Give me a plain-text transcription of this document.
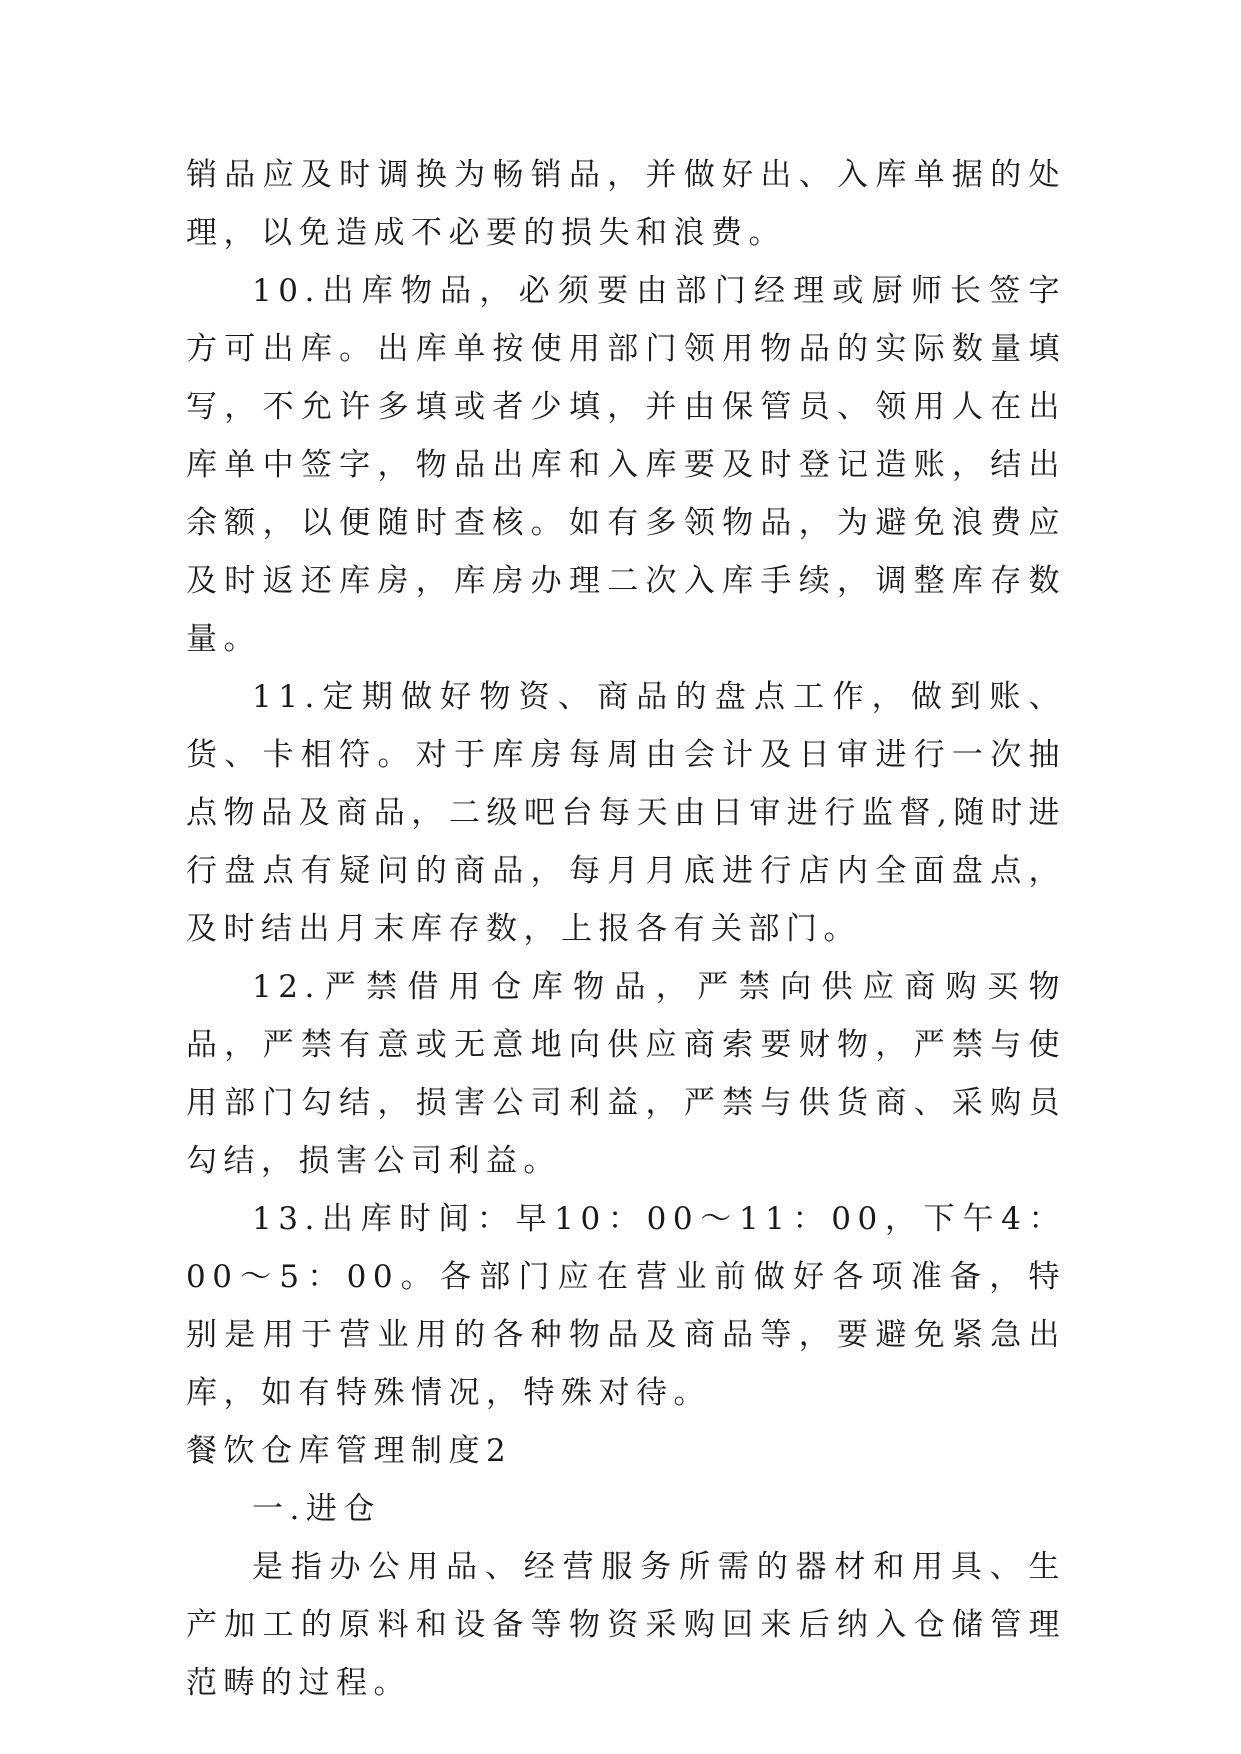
销品应及时调换为畅销品，并做好出、入库单据的处理，以免造成不必要的损失和浪费。

10.出库物品，必须要由部门经理或厨师长签字方可出库。出库单按使用部门领用物品的实际数量填写，不允许多填或者少填，并由保管员、领用人在出库单中签字，物品出库和入库要及时登记造账，结出余额，以便随时查核。如有多领物品，为避免浪费应及时返还库房，库房办理二次入库手续，调整库存数量。

11.定期做好物资、商品的盘点工作，做到账、货、卡相符。对于库房每周由会计及日审进行一次抽点物品及商品，二级吧台每天由日审进行监督,随时进行盘点有疑问的商品，每月月底进行店内全面盘点，及时结出月末库存数，上报各有关部门。

12.严禁借用仓库物品，严禁向供应商购买物品，严禁有意或无意地向供应商索要财物，严禁与使用部门勾结，损害公司利益，严禁与供货商、采购员勾结，损害公司利益。

13.出库时间：早10：00～11：00，下午4：00～5：00。各部门应在营业前做好各项准备，特别是用于营业用的各种物品及商品等，要避免紧急出库，如有特殊情况，特殊对待。

餐饮仓库管理制度2

一.进仓

是指办公用品、经营服务所需的器材和用具、生产加工的原料和设备等物资采购回来后纳入仓储管理范畴的过程。
